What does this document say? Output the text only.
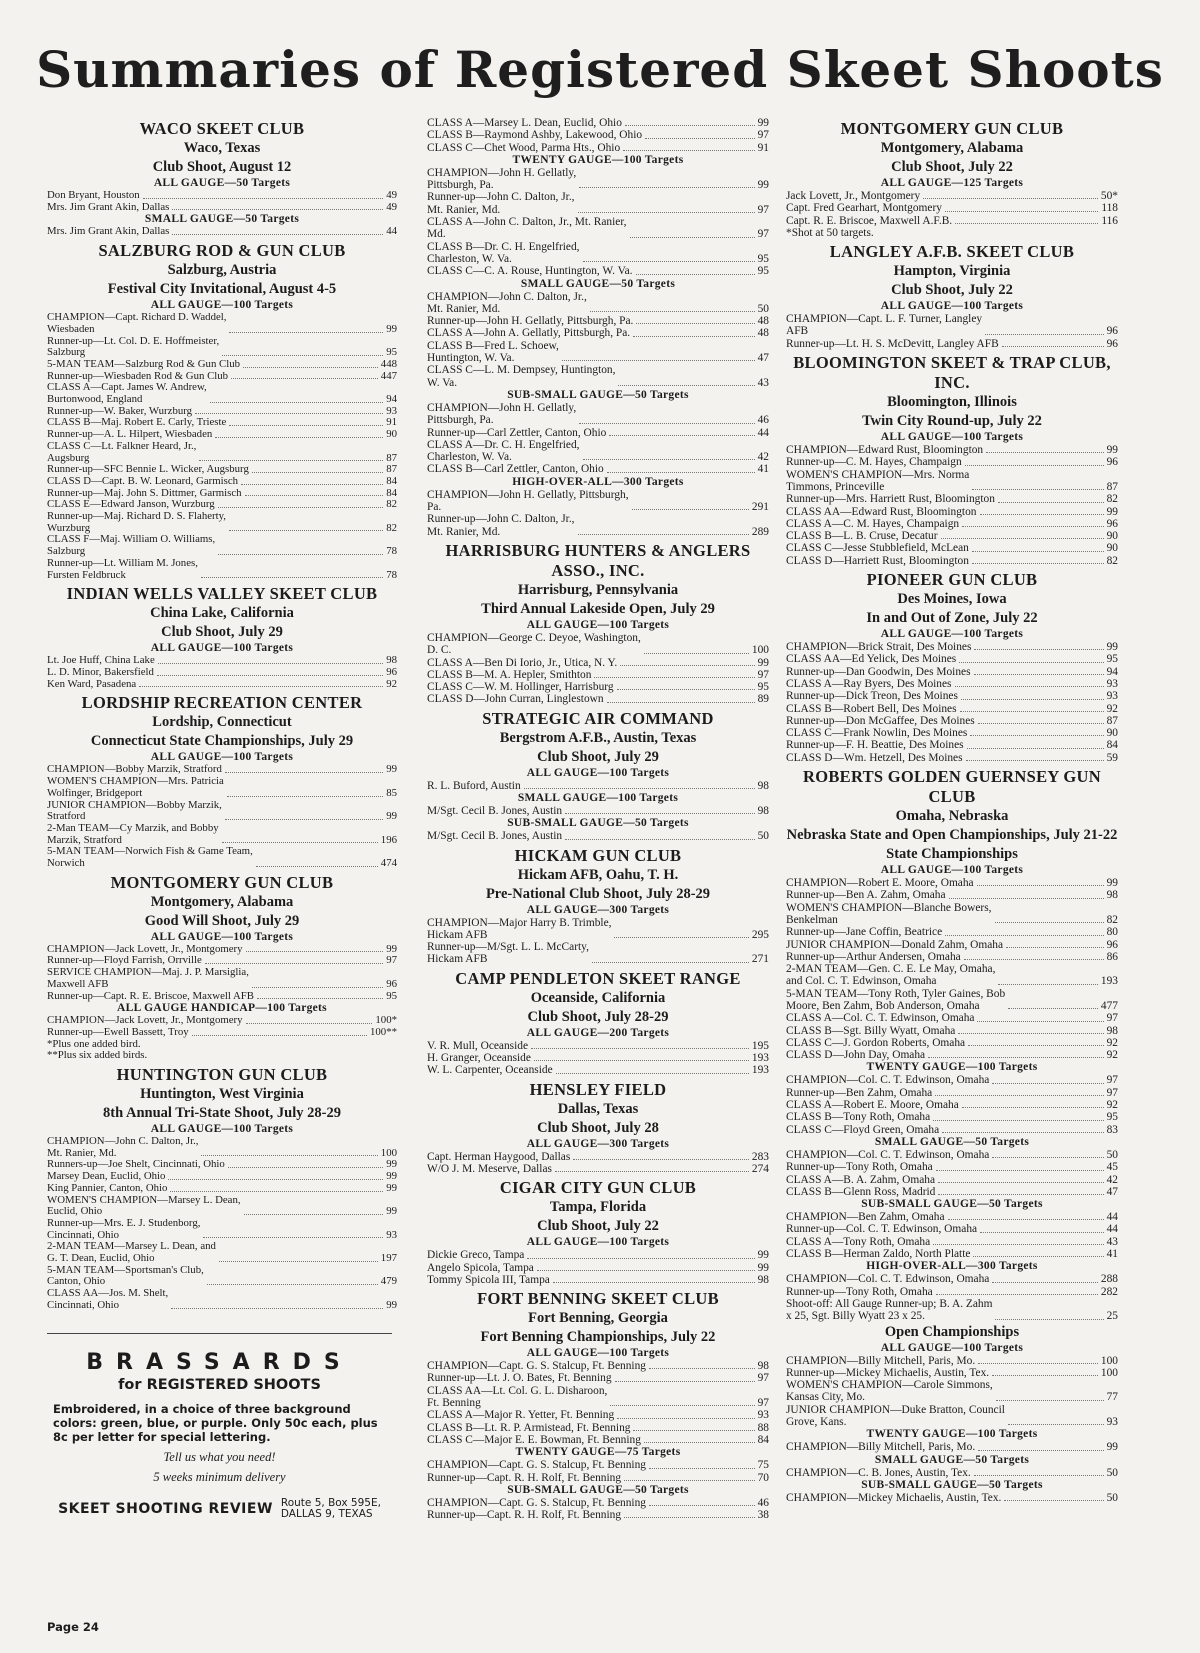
Summaries of Registered Skeet Shoots
WACO SKEET CLUB
Waco, Texas
Club Shoot, August 12
ALL GAUGE—50 Targets
Don Bryant, Houston	49
Mrs. Jim Grant Akin, Dallas	49
SMALL GAUGE—50 Targets
Mrs. Jim Grant Akin, Dallas	44
SALZBURG ROD & GUN CLUB
Salzburg, Austria
Festival City Invitational, August 4-5
ALL GAUGE—100 Targets
CHAMPION—Capt. Richard D. Waddel,
Wiesbaden	99
Runner-up—Lt. Col. D. E. Hoffmeister,
Salzburg	95
5-MAN TEAM—Salzburg Rod & Gun Club	448
Runner-up—Wiesbaden Rod & Gun Club	447
CLASS A—Capt. James W. Andrew,
Burtonwood, England	94
Runner-up—W. Baker, Wurzburg	93
CLASS B—Maj. Robert E. Carly, Trieste	91
Runner-up—A. L. Hilpert, Wiesbaden	90
CLASS C—Lt. Falkner Heard, Jr.,
Augsburg	87
Runner-up—SFC Bennie L. Wicker, Augsburg	87
CLASS D—Capt. B. W. Leonard, Garmisch	84
Runner-up—Maj. John S. Dittmer, Garmisch	84
CLASS E—Edward Janson, Wurzburg	82
Runner-up—Maj. Richard D. S. Flaherty,
Wurzburg	82
CLASS F—Maj. William O. Williams,
Salzburg	78
Runner-up—Lt. William M. Jones,
Fursten Feldbruck	78
INDIAN WELLS VALLEY SKEET CLUB
China Lake, California
Club Shoot, July 29
ALL GAUGE—100 Targets
Lt. Joe Huff, China Lake	98
L. D. Minor, Bakersfield	96
Ken Ward, Pasadena	92
LORDSHIP RECREATION CENTER
Lordship, Connecticut
Connecticut State Championships, July 29
ALL GAUGE—100 Targets
CHAMPION—Bobby Marzik, Stratford	99
WOMEN'S CHAMPION—Mrs. Patricia
Wolfinger, Bridgeport	85
JUNIOR CHAMPION—Bobby Marzik,
Stratford	99
2-Man TEAM—Cy Marzik, and Bobby
Marzik, Stratford	196
5-MAN TEAM—Norwich Fish & Game Team,
Norwich	474
MONTGOMERY GUN CLUB
Montgomery, Alabama
Good Will Shoot, July 29
ALL GAUGE—100 Targets
CHAMPION—Jack Lovett, Jr., Montgomery	99
Runner-up—Floyd Farrish, Orrville	97
SERVICE CHAMPION—Maj. J. P. Marsiglia,
Maxwell AFB	96
Runner-up—Capt. R. E. Briscoe, Maxwell AFB	95
ALL GAUGE HANDICAP—100 Targets
CHAMPION—Jack Lovett, Jr., Montgomery	100*
Runner-up—Ewell Bassett, Troy	100**
*Plus one added bird.
**Plus six added birds.
HUNTINGTON GUN CLUB
Huntington, West Virginia
8th Annual Tri-State Shoot, July 28-29
ALL GAUGE—100 Targets
CHAMPION—John C. Dalton, Jr.,
Mt. Ranier, Md.	100
Runners-up—Joe Shelt, Cincinnati, Ohio	99
Marsey Dean, Euclid, Ohio	99
King Pannier, Canton, Ohio	99
WOMEN'S CHAMPION—Marsey L. Dean,
Euclid, Ohio	99
Runner-up—Mrs. E. J. Studenborg,
Cincinnati, Ohio	93
2-MAN TEAM—Marsey L. Dean, and
G. T. Dean, Euclid, Ohio	197
5-MAN TEAM—Sportsman's Club,
Canton, Ohio	479
CLASS AA—Jos. M. Shelt,
Cincinnati, Ohio	99
CLASS A—Marsey L. Dean, Euclid, Ohio	99
CLASS B—Raymond Ashby, Lakewood, Ohio	97
CLASS C—Chet Wood, Parma Hts., Ohio	91
TWENTY GAUGE—100 Targets
CHAMPION—John H. Gellatly,
Pittsburgh, Pa.	99
Runner-up—John C. Dalton, Jr.,
Mt. Ranier, Md.	97
CLASS A—John C. Dalton, Jr., Mt. Ranier,
Md.	97
CLASS B—Dr. C. H. Engelfried,
Charleston, W. Va.	95
CLASS C—C. A. Rouse, Huntington, W. Va.	95
SMALL GAUGE—50 Targets
CHAMPION—John C. Dalton, Jr.,
Mt. Ranier, Md.	50
Runner-up—John H. Gellatly, Pittsburgh, Pa.	48
CLASS A—John A. Gellatly, Pittsburgh, Pa.	48
CLASS B—Fred L. Schoew,
Huntington, W. Va.	47
CLASS C—L. M. Dempsey, Huntington,
W. Va.	43
SUB-SMALL GAUGE—50 Targets
CHAMPION—John H. Gellatly,
Pittsburgh, Pa.	46
Runner-up—Carl Zettler, Canton, Ohio	44
CLASS A—Dr. C. H. Engelfried,
Charleston, W. Va.	42
CLASS B—Carl Zettler, Canton, Ohio	41
HIGH-OVER-ALL—300 Targets
CHAMPION—John H. Gellatly, Pittsburgh,
Pa.	291
Runner-up—John C. Dalton, Jr.,
Mt. Ranier, Md.	289
HARRISBURG HUNTERS & ANGLERS ASSO., INC.
Harrisburg, Pennsylvania
Third Annual Lakeside Open, July 29
ALL GAUGE—100 Targets
CHAMPION—George C. Deyoe, Washington,
D. C.	100
CLASS A—Ben Di Iorio, Jr., Utica, N. Y.	99
CLASS B—M. A. Hepler, Smithton	97
CLASS C—W. M. Hollinger, Harrisburg	95
CLASS D—John Curran, Linglestown	89
STRATEGIC AIR COMMAND
Bergstrom A.F.B., Austin, Texas
Club Shoot, July 29
ALL GAUGE—100 Targets
R. L. Buford, Austin	98
SMALL GAUGE—100 Targets
M/Sgt. Cecil B. Jones, Austin	98
SUB-SMALL GAUGE—50 Targets
M/Sgt. Cecil B. Jones, Austin	50
HICKAM GUN CLUB
Hickam AFB, Oahu, T. H.
Pre-National Club Shoot, July 28-29
ALL GAUGE—300 Targets
CHAMPION—Major Harry B. Trimble,
Hickam AFB	295
Runner-up—M/Sgt. L. L. McCarty,
Hickam AFB	271
CAMP PENDLETON SKEET RANGE
Oceanside, California
Club Shoot, July 28-29
ALL GAUGE—200 Targets
V. R. Mull, Oceanside	195
H. Granger, Oceanside	193
W. L. Carpenter, Oceanside	193
HENSLEY FIELD
Dallas, Texas
Club Shoot, July 28
ALL GAUGE—300 Targets
Capt. Herman Haygood, Dallas	283
W/O J. M. Meserve, Dallas	274
CIGAR CITY GUN CLUB
Tampa, Florida
Club Shoot, July 22
ALL GAUGE—100 Targets
Dickie Greco, Tampa	99
Angelo Spicola, Tampa	99
Tommy Spicola III, Tampa	98
FORT BENNING SKEET CLUB
Fort Benning, Georgia
Fort Benning Championships, July 22
ALL GAUGE—100 Targets
CHAMPION—Capt. G. S. Stalcup, Ft. Benning	98
Runner-up—Lt. J. O. Bates, Ft. Benning	97
CLASS AA—Lt. Col. G. L. Disharoon,
Ft. Benning	97
CLASS A—Major R. Yetter, Ft. Benning	93
CLASS B—Lt. R. P. Armistead, Ft. Benning	88
CLASS C—Major E. E. Bowman, Ft. Benning	84
TWENTY GAUGE—75 Targets
CHAMPION—Capt. G. S. Stalcup, Ft. Benning	75
Runner-up—Capt. R. H. Rolf, Ft. Benning	70
SUB-SMALL GAUGE—50 Targets
CHAMPION—Capt. G. S. Stalcup, Ft. Benning	46
Runner-up—Capt. R. H. Rolf, Ft. Benning	38
MONTGOMERY GUN CLUB
Montgomery, Alabama
Club Shoot, July 22
ALL GAUGE—125 Targets
Jack Lovett, Jr., Montgomery	50*
Capt. Fred Gearhart, Montgomery	118
Capt. R. E. Briscoe, Maxwell A.F.B.	116
*Shot at 50 targets.
LANGLEY A.F.B. SKEET CLUB
Hampton, Virginia
Club Shoot, July 22
ALL GAUGE—100 Targets
CHAMPION—Capt. L. F. Turner, Langley
AFB	96
Runner-up—Lt. H. S. McDevitt, Langley AFB	96
BLOOMINGTON SKEET & TRAP CLUB, INC.
Bloomington, Illinois
Twin City Round-up, July 22
ALL GAUGE—100 Targets
CHAMPION—Edward Rust, Bloomington	99
Runner-up—C. M. Hayes, Champaign	96
WOMEN'S CHAMPION—Mrs. Norma
Timmons, Princeville	87
Runner-up—Mrs. Harriett Rust, Bloomington	82
CLASS AA—Edward Rust, Bloomington	99
CLASS A—C. M. Hayes, Champaign	96
CLASS B—L. B. Cruse, Decatur	90
CLASS C—Jesse Stubblefield, McLean	90
CLASS D—Harriett Rust, Bloomington	82
PIONEER GUN CLUB
Des Moines, Iowa
In and Out of Zone, July 22
ALL GAUGE—100 Targets
CHAMPION—Brick Strait, Des Moines	99
CLASS AA—Ed Yelick, Des Moines	95
Runner-up—Dan Goodwin, Des Moines	94
CLASS A—Ray Byers, Des Moines	93
Runner-up—Dick Treon, Des Moines	93
CLASS B—Robert Bell, Des Moines	92
Runner-up—Don McGaffee, Des Moines	87
CLASS C—Frank Nowlin, Des Moines	90
Runner-up—F. H. Beattie, Des Moines	84
CLASS D—Wm. Hetzell, Des Moines	59
ROBERTS GOLDEN GUERNSEY GUN CLUB
Omaha, Nebraska
Nebraska State and Open Championships, July 21-22
State Championships
ALL GAUGE—100 Targets
CHAMPION—Robert E. Moore, Omaha	99
Runner-up—Ben A. Zahm, Omaha	98
WOMEN'S CHAMPION—Blanche Bowers,
Benkelman	82
Runner-up—Jane Coffin, Beatrice	80
JUNIOR CHAMPION—Donald Zahm, Omaha	96
Runner-up—Arthur Andersen, Omaha	86
2-MAN TEAM—Gen. C. E. Le May, Omaha,
and Col. C. T. Edwinson, Omaha	193
5-MAN TEAM—Tony Roth, Tyler Gaines, Bob
Moore, Ben Zahm, Bob Anderson, Omaha	477
CLASS A—Col. C. T. Edwinson, Omaha	97
CLASS B—Sgt. Billy Wyatt, Omaha	98
CLASS C—J. Gordon Roberts, Omaha	92
CLASS D—John Day, Omaha	92
TWENTY GAUGE—100 Targets
CHAMPION—Col. C. T. Edwinson, Omaha	97
Runner-up—Ben Zahm, Omaha	97
CLASS A—Robert E. Moore, Omaha	92
CLASS B—Tony Roth, Omaha	95
CLASS C—Floyd Green, Omaha	83
SMALL GAUGE—50 Targets
CHAMPION—Col. C. T. Edwinson, Omaha	50
Runner-up—Tony Roth, Omaha	45
CLASS A—B. A. Zahm, Omaha	42
CLASS B—Glenn Ross, Madrid	47
SUB-SMALL GAUGE—50 Targets
CHAMPION—Ben Zahm, Omaha	44
Runner-up—Col. C. T. Edwinson, Omaha	44
CLASS A—Tony Roth, Omaha	43
CLASS B—Herman Zaldo, North Platte	41
HIGH-OVER-ALL—300 Targets
CHAMPION—Col. C. T. Edwinson, Omaha	288
Runner-up—Tony Roth, Omaha	282
Shoot-off: All Gauge Runner-up; B. A. Zahm
x 25, Sgt. Billy Wyatt 23 x 25.	25
Open Championships
ALL GAUGE—100 Targets
CHAMPION—Billy Mitchell, Paris, Mo.	100
Runner-up—Mickey Michaelis, Austin, Tex.	100
WOMEN'S CHAMPION—Carole Simmons,
Kansas City, Mo.	77
JUNIOR CHAMPION—Duke Bratton, Council
Grove, Kans.	93
TWENTY GAUGE—100 Targets
CHAMPION—Billy Mitchell, Paris, Mo.	99
SMALL GAUGE—50 Targets
CHAMPION—C. B. Jones, Austin, Tex.	50
SUB-SMALL GAUGE—50 Targets
CHAMPION—Mickey Michaelis, Austin, Tex.	50
BRASSARDS
for REGISTERED SHOOTS
Embroidered, in a choice of three background colors: green, blue, or purple. Only 50c each, plus 8c per letter for special lettering.
Tell us what you need!
5 weeks minimum delivery
SKEET SHOOTING REVIEW Route 5, Box 595E,
DALLAS 9, TEXAS
Page 24
